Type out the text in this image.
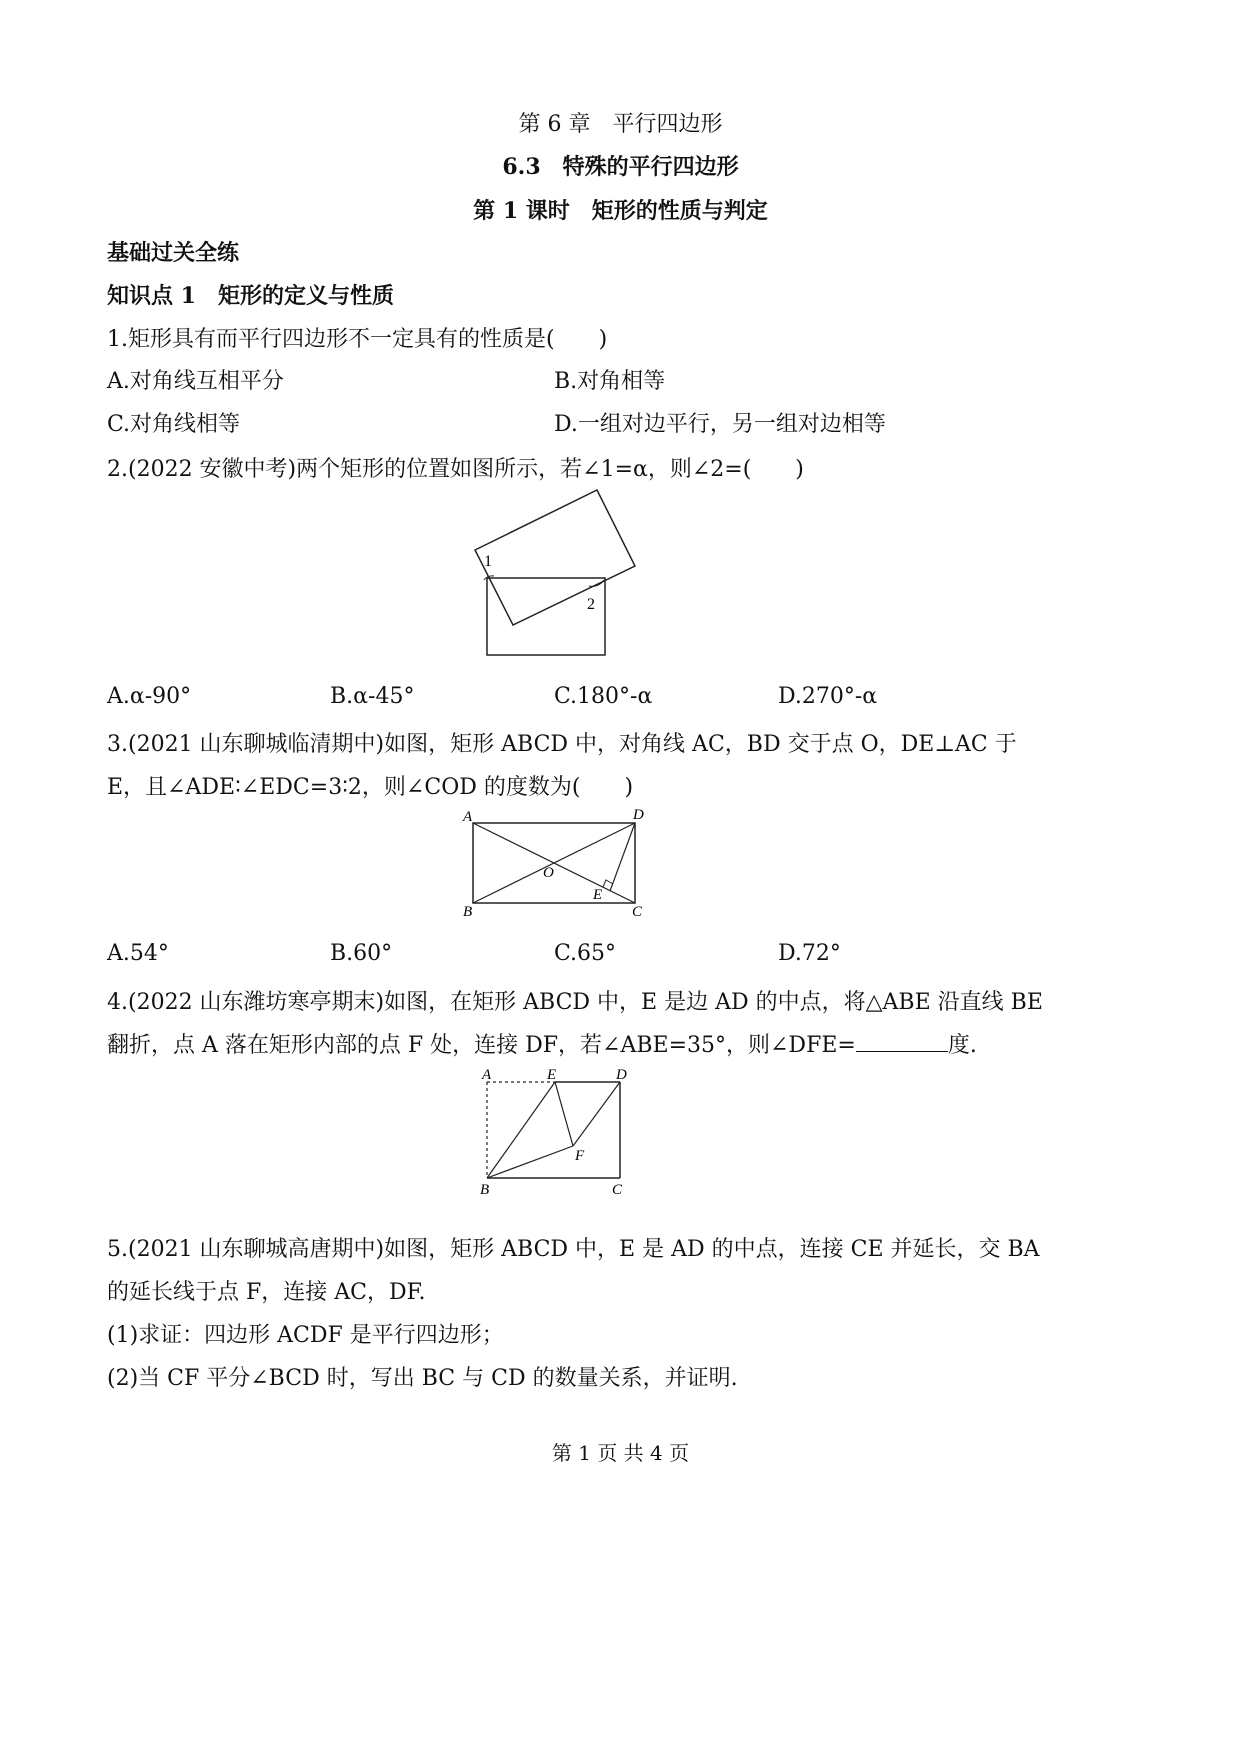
第 6 章　平行四边形
6.3　特殊的平行四边形
第 1 课时　矩形的性质与判定
基础过关全练
知识点 1　矩形的定义与性质
1.矩形具有而平行四边形不一定具有的性质是(　　)
A.对角线互相平分	B.对角相等
C.对角线相等	D.一组对边平行，另一组对边相等
2.(2022 安徽中考)两个矩形的位置如图所示，若∠1=α，则∠2=(　　)
1
2
A.α-90°	B.α-45°	C.180°-α	D.270°-α
3.(2021 山东聊城临清期中)如图，矩形 ABCD 中，对角线 AC，BD 交于点 O，DE⊥AC 于
E，且∠ADE∶∠EDC=3∶2，则∠COD 的度数为(　　)
A	D
O
E
B	C
A.54°	B.60°	C.65°	D.72°
4.(2022 山东潍坊寒亭期末)如图，在矩形 ABCD 中，E 是边 AD 的中点，将△ABE 沿直线 BE
翻折，点 A 落在矩形内部的点 F 处，连接 DF，若∠ABE=35°，则∠DFE=	度.
A	E	D
F
B	C
5.(2021 山东聊城高唐期中)如图，矩形 ABCD 中，E 是 AD 的中点，连接 CE 并延长，交 BA
的延长线于点 F，连接 AC，DF.
(1)求证：四边形 ACDF 是平行四边形；
(2)当 CF 平分∠BCD 时，写出 BC 与 CD 的数量关系，并证明.
第 1 页 共 4 页
